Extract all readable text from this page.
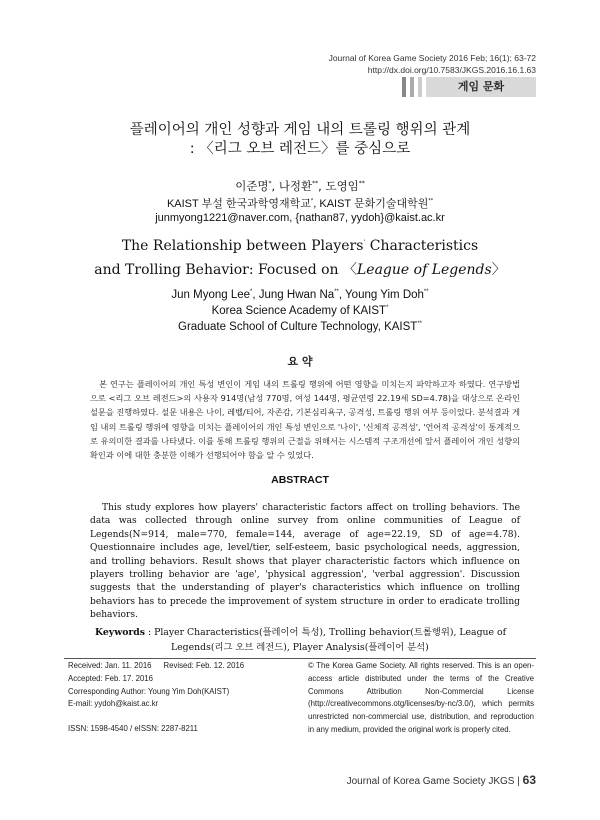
Journal of Korea Game Society 2016 Feb; 16(1): 63-72
http://dx.doi.org/10.7583/JKGS.2016.16.1.63
게임 문화
플레이어의 개인 성향과 게임 내의 트롤링 행위의 관계
: 〈리그 오브 레전드〉를 중심으로
이준명*, 나정환**, 도영임**
KAIST 부설 한국과학영재학교*, KAIST 문화기술대학원**
junmyong1221@naver.com, {nathan87, yydoh}@kaist.ac.kr
The Relationship between Players’ Characteristics
and Trolling Behavior: Focused on 〈League of Legends〉
Jun Myong Lee*, Jung Hwan Na**, Young Yim Doh**
Korea Science Academy of KAIST*
Graduate School of Culture Technology, KAIST**
요 약
본 연구는 플레이어의 개인 특성 변인이 게임 내의 트롤링 행위에 어떤 영향을 미치는지 파악하고자 하였다. 연구방법으로 <리그 오브 레전드>의 사용자 914명(남성 770명, 여성 144명, 평균연령 22.19세 SD=4.78)을 대상으로 온라인 설문을 진행하였다. 설문 내용은 나이, 레벨/티어, 자존감, 기본심리욕구, 공격성, 트롤링 행위 여부 등이었다. 분석결과 게임 내의 트롤링 행위에 영향을 미치는 플레이어의 개인 특성 변인으로 '나이', '신체적 공격성', '언어적 공격성'이 통계적으로 유의미한 결과를 나타냈다. 이를 통해 트롤링 행위의 근절을 위해서는 시스템적 구조개선에 앞서 플레이어 개인 성향의 확인과 이에 대한 충분한 이해가 선행되어야 함을 알 수 있었다.
ABSTRACT
This study explores how players' characteristic factors affect on trolling behaviors. The data was collected through online survey from online communities of League of Legends(N=914, male=770, female=144, average of age=22.19, SD of age=4.78). Questionnaire includes age, level/tier, self-esteem, basic psychological needs, aggression, and trolling behaviors. Result shows that player characteristic factors which influence on players trolling behavior are 'age', 'physical aggression', 'verbal aggression'. Discussion suggests that the understanding of player's characteristics which influence on trolling behaviors has to precede the improvement of system structure in order to eradicate trolling behaviors.
Keywords : Player Characteristics(플레이어 특성), Trolling behavior(트롤행위), League of
Legends(리그 오브 레전드), Player Analysis(플레이어 분석)
Received: Jan. 11. 2016 Revised: Feb. 12. 2016
Accepted: Feb. 17. 2016
Corresponding Author: Young Yim Doh(KAIST)
E-mail: yydoh@kaist.ac.kr
ISSN: 1598-4540 / eISSN: 2287-8211
© The Korea Game Society. All rights reserved. This is an open-access article distributed under the terms of the Creative Commons Attribution Non-Commercial License (http://creativecommons.otg/licenses/by-nc/3.0/), which permits unrestricted non-commercial use, distribution, and reproduction in any medium, provided the original work is properly cited.
Journal of Korea Game Society JKGS | 63
